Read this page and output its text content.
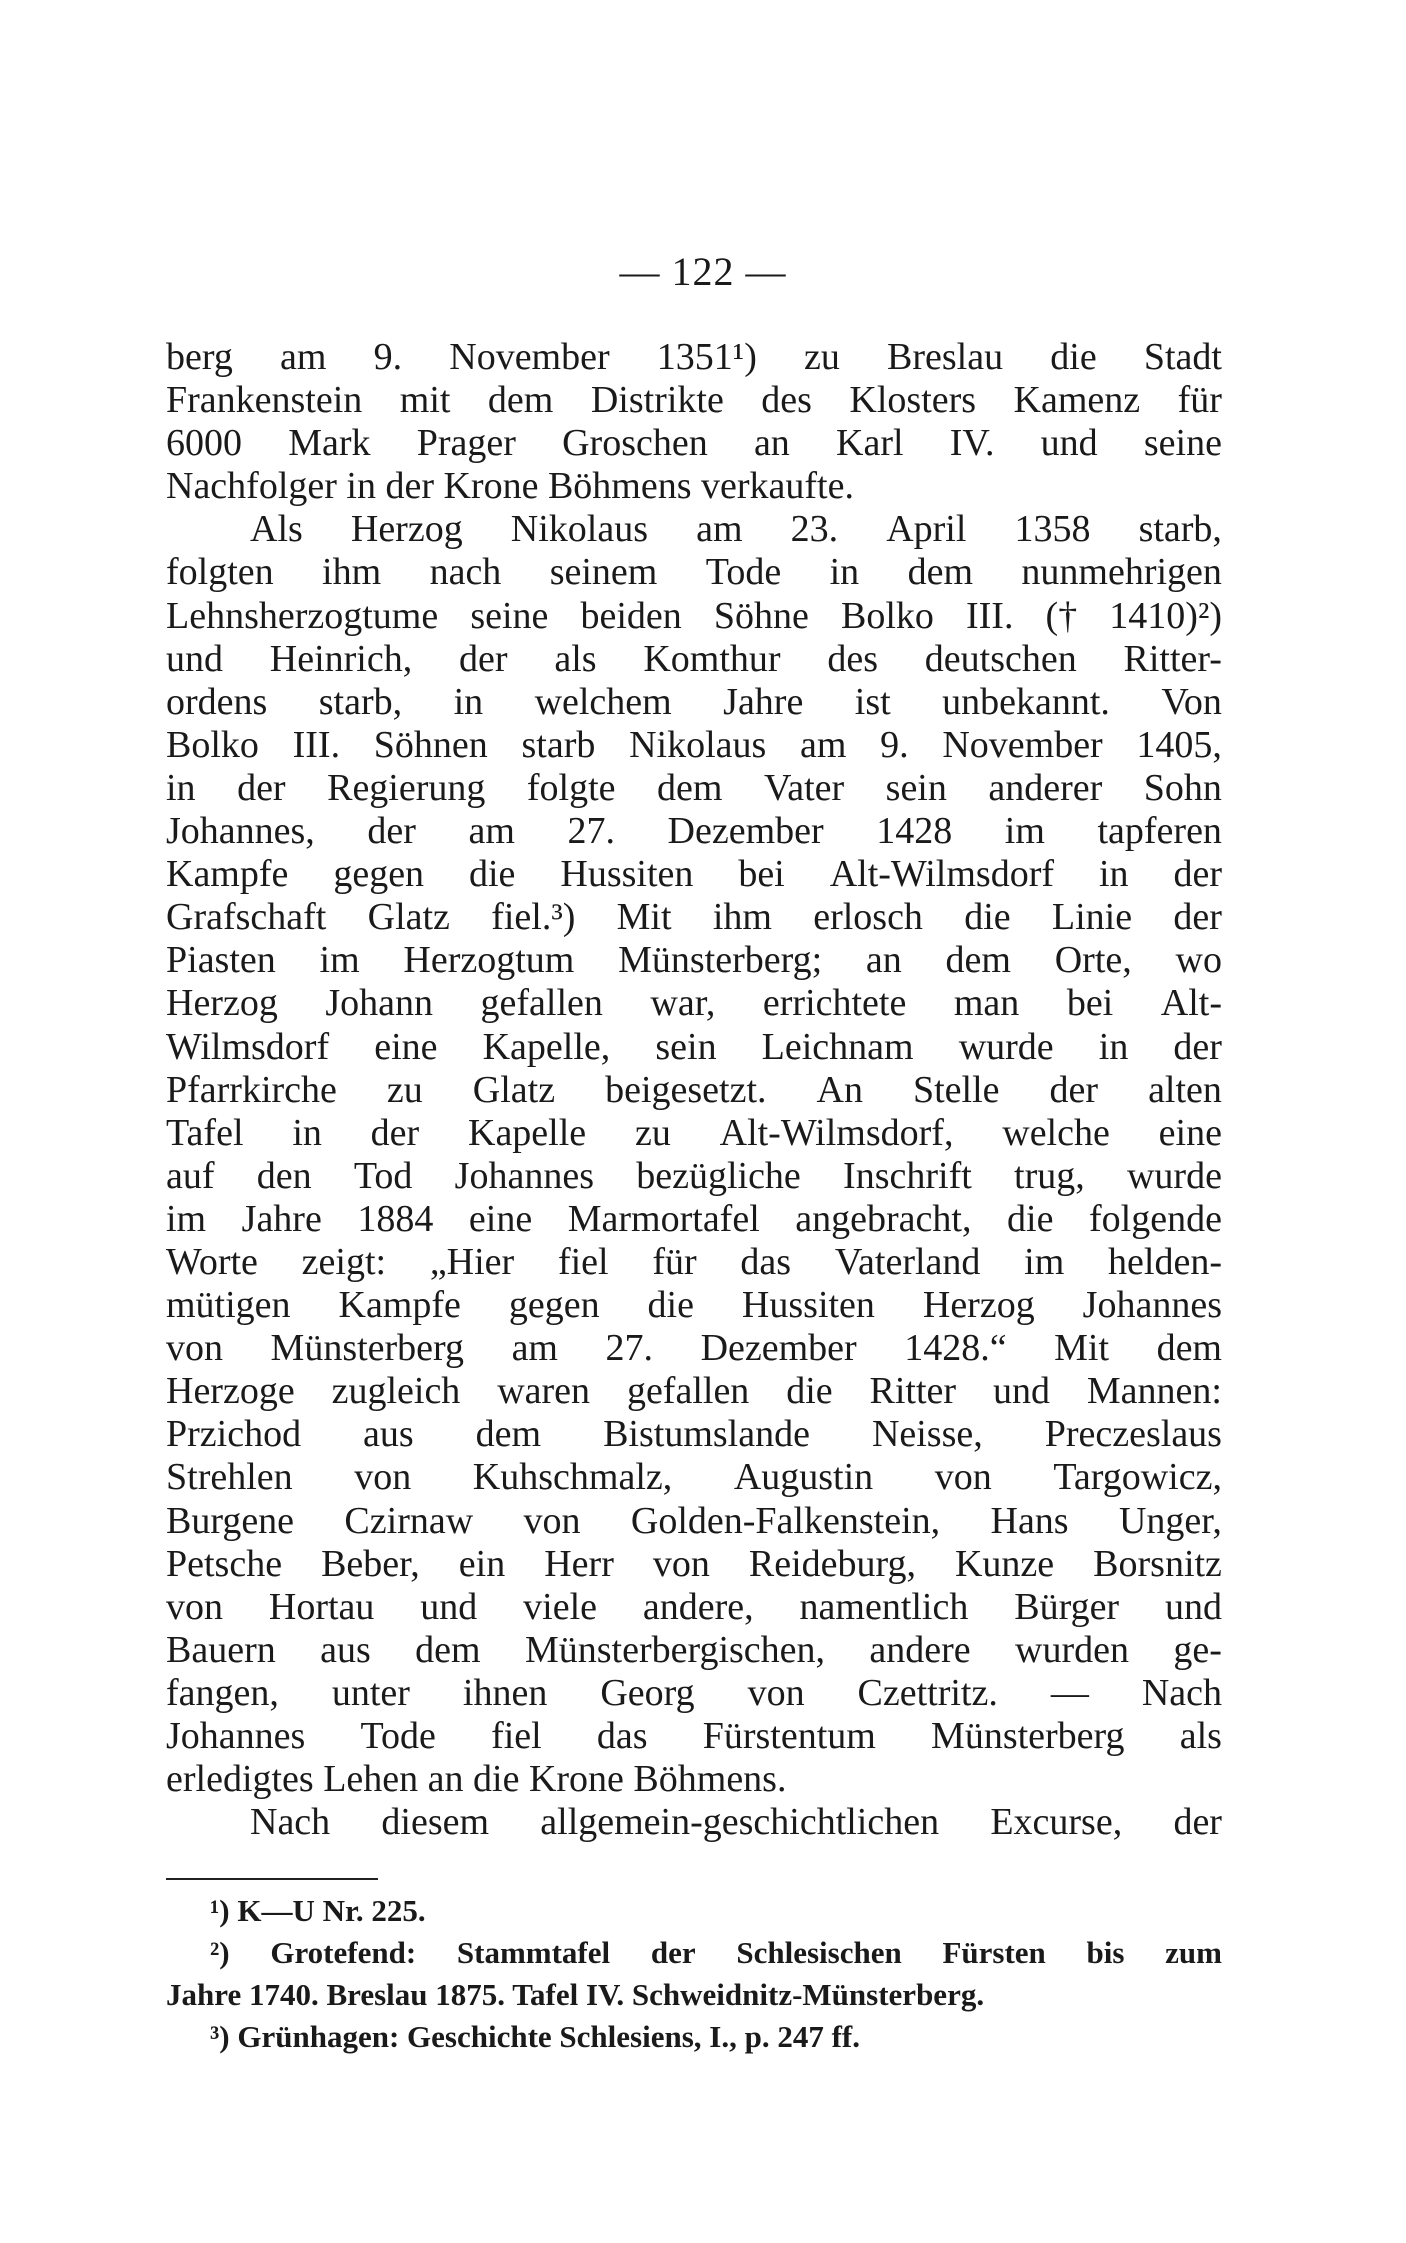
— 122 —
berg am 9. November 1351¹) zu Breslau die Stadt
Frankenstein mit dem Distrikte des Klosters Kamenz für
6000 Mark Prager Groschen an Karl IV. und seine
Nachfolger in der Krone Böhmens verkaufte.
Als Herzog Nikolaus am 23. April 1358 starb,
folgten ihm nach seinem Tode in dem nunmehrigen
Lehnsherzogtume seine beiden Söhne Bolko III. († 1410)²)
und Heinrich, der als Komthur des deutschen Ritter-
ordens starb, in welchem Jahre ist unbekannt. Von
Bolko III. Söhnen starb Nikolaus am 9. November 1405,
in der Regierung folgte dem Vater sein anderer Sohn
Johannes, der am 27. Dezember 1428 im tapferen
Kampfe gegen die Hussiten bei Alt-Wilmsdorf in der
Grafschaft Glatz fiel.³) Mit ihm erlosch die Linie der
Piasten im Herzogtum Münsterberg; an dem Orte, wo
Herzog Johann gefallen war, errichtete man bei Alt-
Wilmsdorf eine Kapelle, sein Leichnam wurde in der
Pfarrkirche zu Glatz beigesetzt. An Stelle der alten
Tafel in der Kapelle zu Alt-Wilmsdorf, welche eine
auf den Tod Johannes bezügliche Inschrift trug, wurde
im Jahre 1884 eine Marmortafel angebracht, die folgende
Worte zeigt: „Hier fiel für das Vaterland im helden-
mütigen Kampfe gegen die Hussiten Herzog Johannes
von Münsterberg am 27. Dezember 1428.“ Mit dem
Herzoge zugleich waren gefallen die Ritter und Mannen:
Przichod aus dem Bistumslande Neisse, Preczeslaus
Strehlen von Kuhschmalz, Augustin von Targowicz,
Burgene Czirnaw von Golden-Falkenstein, Hans Unger,
Petsche Beber, ein Herr von Reideburg, Kunze Borsnitz
von Hortau und viele andere, namentlich Bürger und
Bauern aus dem Münsterbergischen, andere wurden ge-
fangen, unter ihnen Georg von Czettritz. — Nach
Johannes Tode fiel das Fürstentum Münsterberg als
erledigtes Lehen an die Krone Böhmens.
Nach diesem allgemein-geschichtlichen Excurse, der
¹) K—U Nr. 225.
²) Grotefend: Stammtafel der Schlesischen Fürsten bis zum
Jahre 1740. Breslau 1875. Tafel IV. Schweidnitz-Münsterberg.
³) Grünhagen: Geschichte Schlesiens, I., p. 247 ff.
